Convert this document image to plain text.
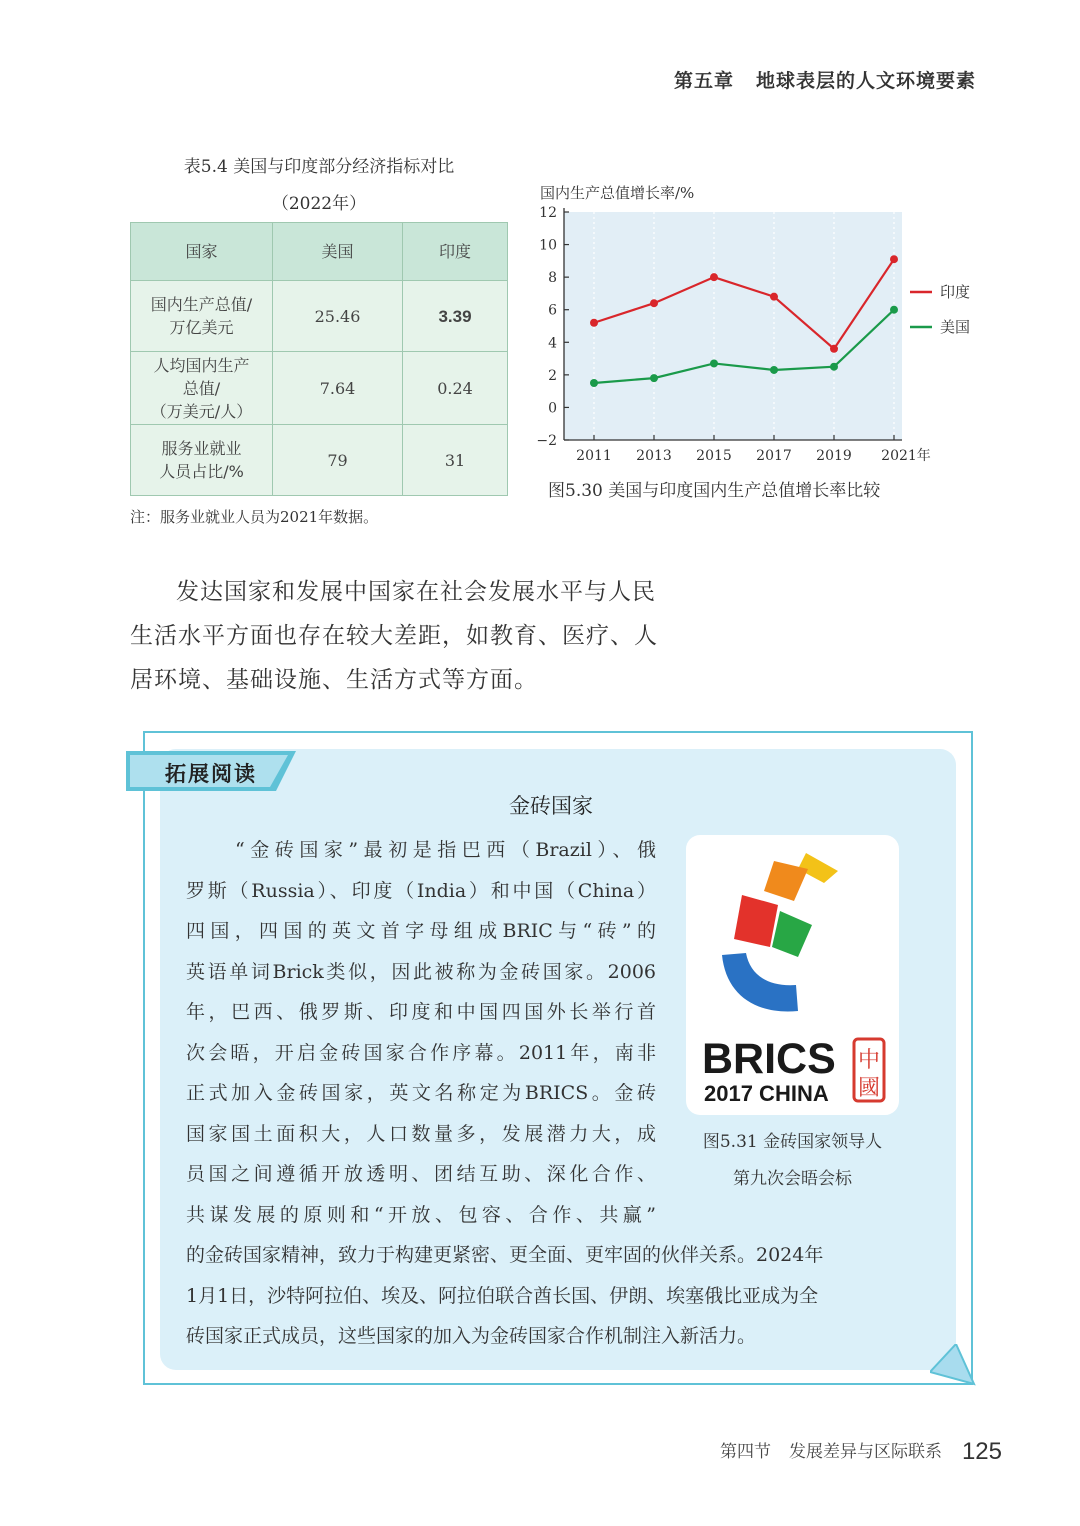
第五章 地球表层的人文环境要素
表5.4 美国与印度部分经济指标对比
（2022年）
国家	美国	印度
国内生产总值/
万亿美元	25.46	3.39
人均国内生产
总值/
（万美元/人）	7.64	0.24
服务业就业
人员占比/%	79	31
注：服务业就业人员为2021年数据。
−2
0
2
4
6
8
10
12
2011 2013 2015 2017 2019 2021年
国内生产总值增长率/%
印度
美国
图5.30 美国与印度国内生产总值增长率比较
发达国家和发展中国家在社会发展水平与人民
生活水平方面也存在较大差距，如教育、医疗、人
居环境、基础设施、生活方式等方面。
拓展阅读
金砖国家
　　“金砖国家”最初是指巴西（Brazil）、俄
罗斯（Russia）、印度（India）和中国（China）
四国，四国的英文首字母组成BRIC与“砖”的
英语单词Brick类似，因此被称为金砖国家。2006
年，巴西、俄罗斯、印度和中国四国外长举行首
次会晤，开启金砖国家合作序幕。2011年，南非
正式加入金砖国家，英文名称定为BRICS。金砖
国家国土面积大，人口数量多，发展潜力大，成
员国之间遵循开放透明、团结互助、深化合作、
共谋发展的原则和“开放、包容、合作、共赢”
的金砖国家精神，致力于构建更紧密、更全面、更牢固的伙伴关系。2024年
1月1日，沙特阿拉伯、埃及、阿拉伯联合酋长国、伊朗、埃塞俄比亚成为全
砖国家正式成员，这些国家的加入为金砖国家合作机制注入新活力。
BRICS
2017 CHINA
中
國
图5.31 金砖国家领导人
第九次会晤会标
第四节 发展差异与区际联系 125
